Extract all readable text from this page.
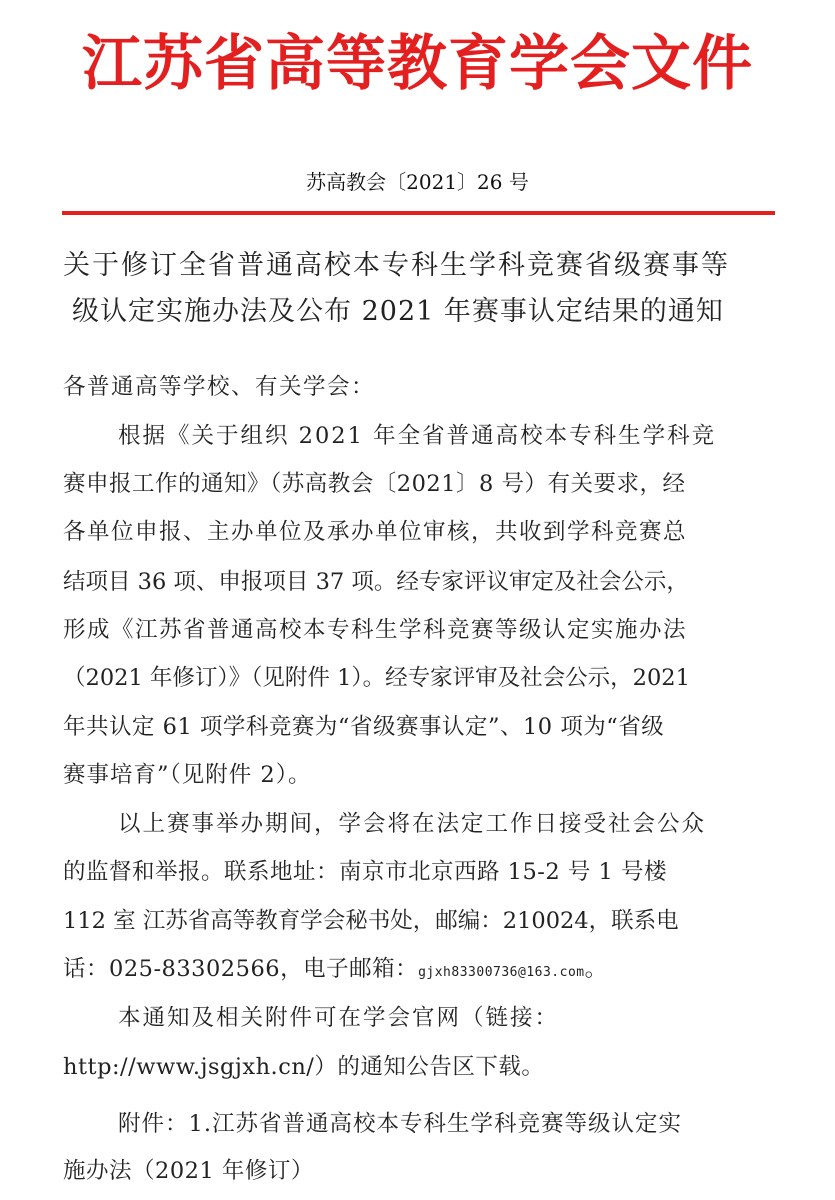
江苏省高等教育学会文件
苏高教会〔2021〕26 号
关于修订全省普通高校本专科生学科竞赛省级赛事等
级认定实施办法及公布 2021 年赛事认定结果的通知
各普通高等学校、有关学会：
根据《关于组织 2021 年全省普通高校本专科生学科竞
赛申报工作的通知》（苏高教会〔2021〕8 号）有关要求，经
各单位申报、主办单位及承办单位审核，共收到学科竞赛总
结项目 36 项、申报项目 37 项。经专家评议审定及社会公示，
形成《江苏省普通高校本专科生学科竞赛等级认定实施办法
（2021 年修订）》（见附件 1）。经专家评审及社会公示，2021
年共认定 61 项学科竞赛为“省级赛事认定”、10 项为“省级
赛事培育”（见附件 2）。
以上赛事举办期间，学会将在法定工作日接受社会公众
的监督和举报。联系地址：南京市北京西路 15-2 号 1 号楼
112 室 江苏省高等教育学会秘书处，邮编：210024，联系电
话：025-83302566，电子邮箱：gjxh83300736@163.com。
本通知及相关附件可在学会官网（链接：
http://www.jsgjxh.cn/）的通知公告区下载。
附件：1.江苏省普通高校本专科生学科竞赛等级认定实
施办法（2021 年修订）
